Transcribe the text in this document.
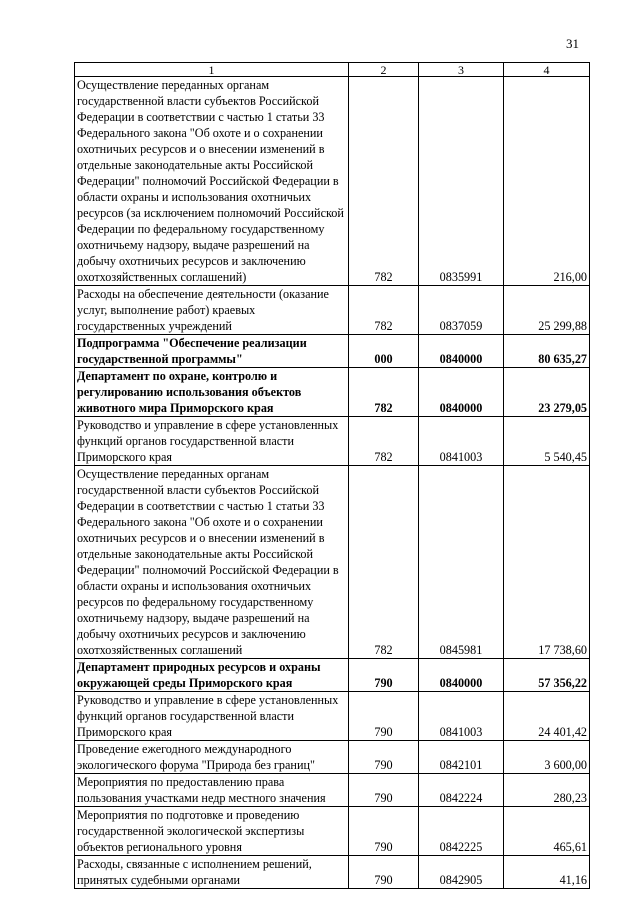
31
1	2	3	4
Осуществление переданных органам государственной власти субъектов Российской Федерации в соответствии с частью 1 статьи 33 Федерального закона "Об охоте и о сохранении охотничьих ресурсов и о внесении изменений в отдельные законодательные акты Российской Федерации" полномочий Российской Федерации в области охраны и использования охотничьих ресурсов (за исключением полномочий Российской Федерации по федеральному государственному охотничьему надзору, выдаче разрешений на добычу охотничьих ресурсов и заключению охотхозяйственных соглашений)	782	0835991	216,00
Расходы на обеспечение деятельности (оказание услуг, выполнение работ) краевых государственных учреждений	782	0837059	25 299,88
Подпрограмма "Обеспечение реализации государственной программы"	000	0840000	80 635,27
Департамент по охране, контролю и регулированию использования объектов животного мира Приморского края	782	0840000	23 279,05
Руководство и управление в сфере установленных функций органов государственной власти Приморского края	782	0841003	5 540,45
Осуществление переданных органам государственной власти субъектов Российской Федерации в соответствии с частью 1 статьи 33 Федерального закона "Об охоте и о сохранении охотничьих ресурсов и о внесении изменений в отдельные законодательные акты Российской Федерации" полномочий Российской Федерации в области охраны и использования охотничьих ресурсов по федеральному государственному охотничьему надзору, выдаче разрешений на добычу охотничьих ресурсов и заключению охотхозяйственных соглашений	782	0845981	17 738,60
Департамент природных ресурсов и охраны окружающей среды Приморского края	790	0840000	57 356,22
Руководство и управление в сфере установленных функций органов государственной власти Приморского края	790	0841003	24 401,42
Проведение ежегодного международного экологического форума "Природа без границ"	790	0842101	3 600,00
Мероприятия по предоставлению права пользования участками недр местного значения	790	0842224	280,23
Мероприятия по подготовке и проведению государственной экологической экспертизы объектов регионального уровня	790	0842225	465,61
Расходы, связанные с исполнением решений, принятых судебными органами	790	0842905	41,16
